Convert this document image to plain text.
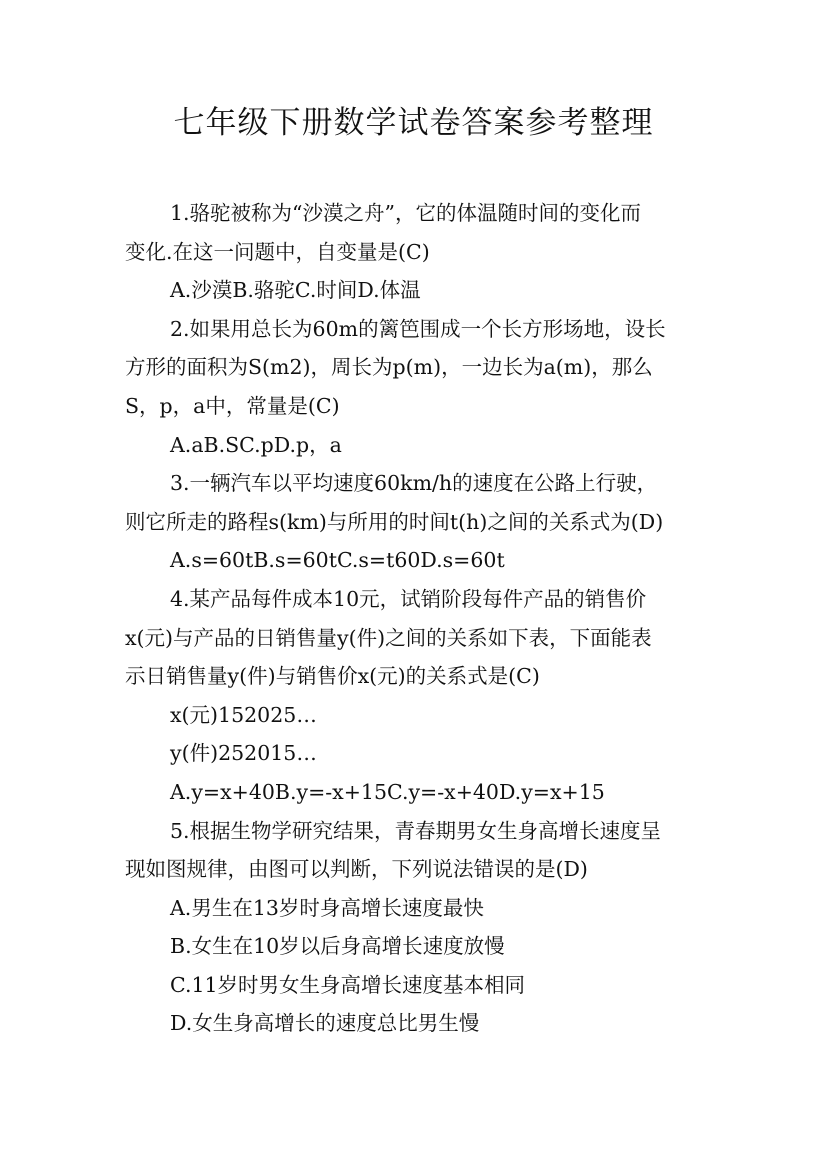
七年级下册数学试卷答案参考整理
1.骆驼被称为“沙漠之舟”，它的体温随时间的变化而
变化.在这一问题中，自变量是(C)
A.沙漠B.骆驼C.时间D.体温
2.如果用总长为60m的篱笆围成一个长方形场地，设长
方形的面积为S(m2)，周长为p(m)，一边长为a(m)，那么
S，p，a中，常量是(C)
A.aB.SC.pD.p，a
3.一辆汽车以平均速度60km/h的速度在公路上行驶，
则它所走的路程s(km)与所用的时间t(h)之间的关系式为(D)
A.s=60tB.s=60tC.s=t60D.s=60t
4.某产品每件成本10元，试销阶段每件产品的销售价
x(元)与产品的日销售量y(件)之间的关系如下表，下面能表
示日销售量y(件)与销售价x(元)的关系式是(C)
x(元)152025…
y(件)252015…
A.y=x+40B.y=-x+15C.y=-x+40D.y=x+15
5.根据生物学研究结果，青春期男女生身高增长速度呈
现如图规律，由图可以判断，下列说法错误的是(D)
A.男生在13岁时身高增长速度最快
B.女生在10岁以后身高增长速度放慢
C.11岁时男女生身高增长速度基本相同
D.女生身高增长的速度总比男生慢
